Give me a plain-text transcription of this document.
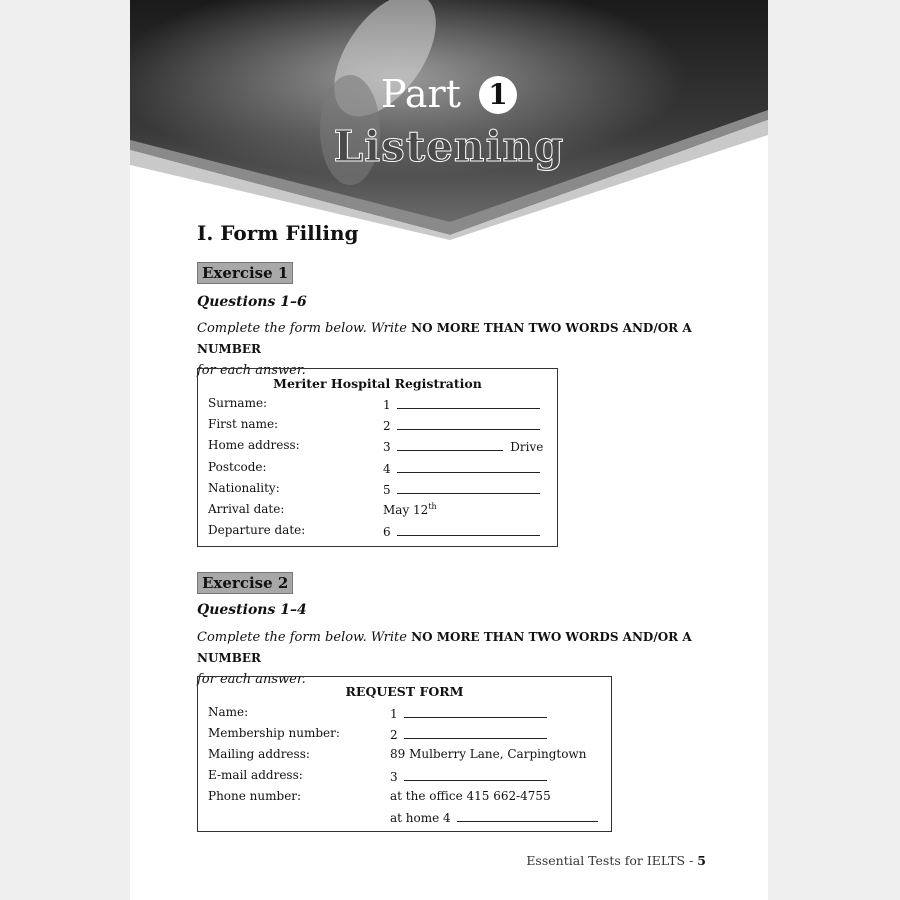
Part 1
Listening
I. Form Filling
Exercise 1
Questions 1–6
Complete the form below. Write NO MORE THAN TWO WORDS AND/OR A NUMBER
for each answer.
Meriter Hospital Registration
Surname:	1
First name:	2
Home address:	3	Drive
Postcode:	4
Nationality:	5
Arrival date:	May 12th
Departure date:	6
Exercise 2
Questions 1–4
Complete the form below. Write NO MORE THAN TWO WORDS AND/OR A NUMBER
for each answer.
REQUEST FORM
Name:	1
Membership number:	2
Mailing address:	89 Mulberry Lane, Carpingtown
E-mail address:	3
Phone number:	at the office 415 662-4755
at home 4
Essential Tests for IELTS - 5
